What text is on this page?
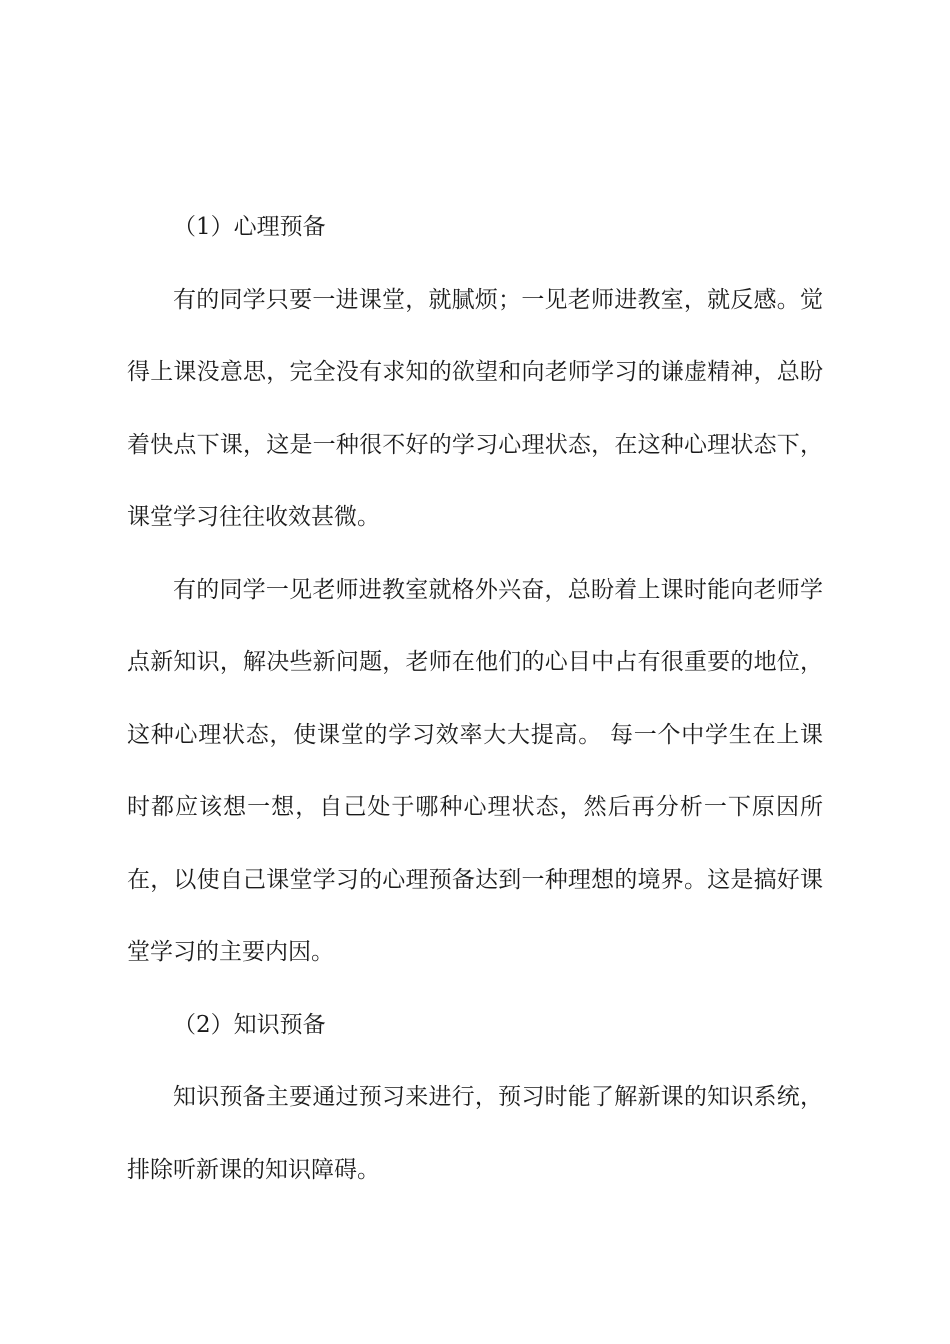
（1）心理预备

有的同学只要一进课堂，就腻烦；一见老师进教室，就反感。觉得上课没意思，完全没有求知的欲望和向老师学习的谦虚精神，总盼着快点下课，这是一种很不好的学习心理状态，在这种心理状态下，课堂学习往往收效甚微。

有的同学一见老师进教室就格外兴奋，总盼着上课时能向老师学点新知识，解决些新问题，老师在他们的心目中占有很重要的地位，这种心理状态，使课堂的学习效率大大提高。 每一个中学生在上课时都应该想一想，自己处于哪种心理状态，然后再分析一下原因所在，以使自己课堂学习的心理预备达到一种理想的境界。这是搞好课堂学习的主要内因。

（2）知识预备

知识预备主要通过预习来进行，预习时能了解新课的知识系统，排除听新课的知识障碍。
